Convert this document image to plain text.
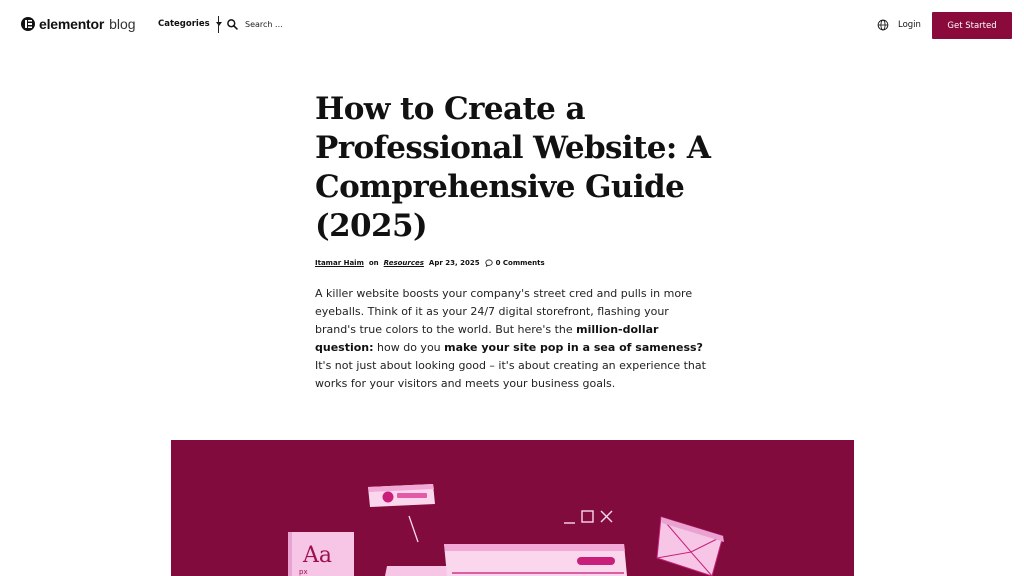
elementor blog	Categories
Search ...	Login	Get Started
How to Create a Professional Website: A Comprehensive Guide (2025)
Itamar Haim on Resources Apr 23, 2025 0 Comments

A killer website boosts your company's street cred and pulls in more eyeballs. Think of it as your 24/7 digital storefront, flashing your brand's true colors to the world. But here's the million-dollar question: how do you make your site pop in a sea of sameness? It's not just about looking good – it's about creating an experience that works for your visitors and meets your business goals.

Aa
px
